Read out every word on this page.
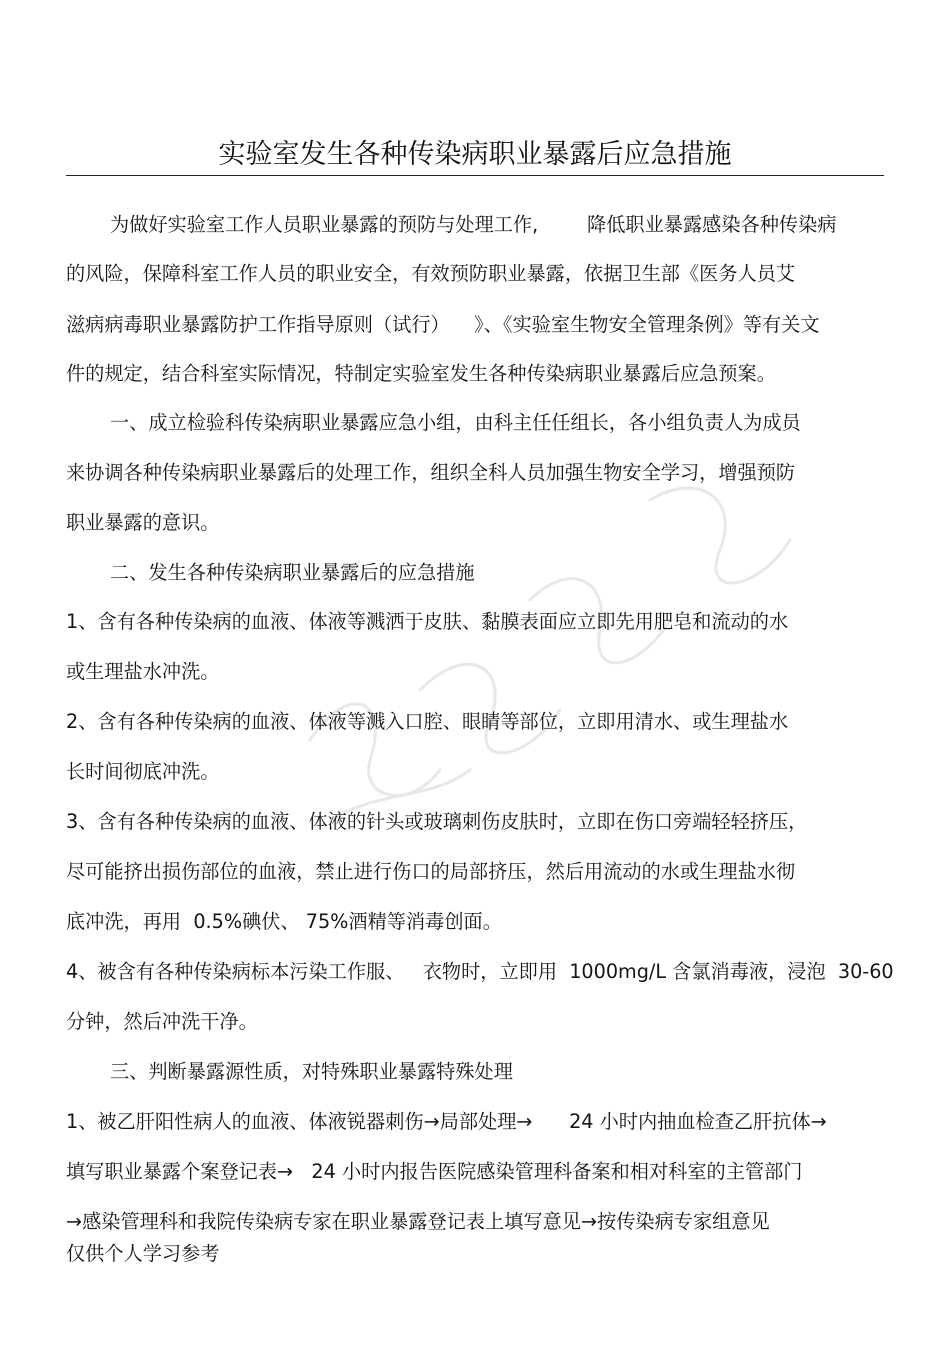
实验室发生各种传染病职业暴露后应急措施
为做好实验室工作人员职业暴露的预防与处理工作,        降低职业暴露感染各种传染病
的风险，保障科室工作人员的职业安全，有效预防职业暴露，依据卫生部《医务人员艾
滋病病毒职业暴露防护工作指导原则（试行）    》、《实验室生物安全管理条例》等有关文
件的规定，结合科室实际情况，特制定实验室发生各种传染病职业暴露后应急预案。
一、成立检验科传染病职业暴露应急小组，由科主任任组长，各小组负责人为成员
来协调各种传染病职业暴露后的处理工作，组织全科人员加强生物安全学习，增强预防
职业暴露的意识。
二、发生各种传染病职业暴露后的应急措施
1、含有各种传染病的血液、体液等溅洒于皮肤、黏膜表面应立即先用肥皂和流动的水
或生理盐水冲洗。
2、含有各种传染病的血液、体液等溅入口腔、眼睛等部位，立即用清水、或生理盐水
长时间彻底冲洗。
3、含有各种传染病的血液、体液的针头或玻璃刺伤皮肤时，立即在伤口旁端轻轻挤压，
尽可能挤出损伤部位的血液，禁止进行伤口的局部挤压，然后用流动的水或生理盐水彻
底冲洗，再用  0.5%碘伏、 75%酒精等消毒创面。
4、被含有各种传染病标本污染工作服、   衣物时，立即用  1000mg/L 含氯消毒液，浸泡  30-60
分钟，然后冲洗干净。
三、判断暴露源性质，对特殊职业暴露特殊处理
1、被乙肝阳性病人的血液、体液锐器刺伤→局部处理→      24 小时内抽血检查乙肝抗体→
填写职业暴露个案登记表→   24 小时内报告医院感染管理科备案和相对科室的主管部门
→感染管理科和我院传染病专家在职业暴露登记表上填写意见→按传染病专家组意见
仅供个人学习参考
